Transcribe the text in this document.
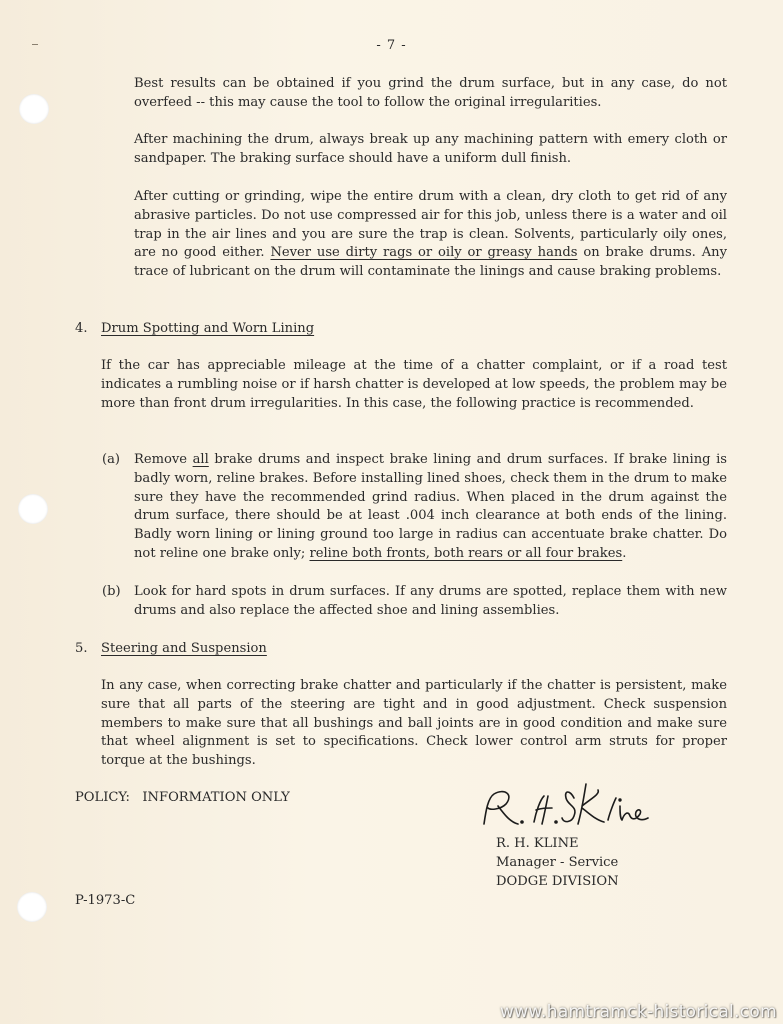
- 7 -

Best results can be obtained if you grind the drum surface, but in any case, do not overfeed -- this may cause the tool to follow the original irregularities.

After machining the drum, always break up any machining pattern with emery cloth or sandpaper. The braking surface should have a uniform dull finish.

After cutting or grinding, wipe the entire drum with a clean, dry cloth to get rid of any abrasive particles. Do not use compressed air for this job, unless there is a water and oil trap in the air lines and you are sure the trap is clean. Solvents, particularly oily ones, are no good either. Never use dirty rags or oily or greasy hands on brake drums. Any trace of lubricant on the drum will contaminate the linings and cause braking problems.

4. Drum Spotting and Worn Lining

If the car has appreciable mileage at the time of a chatter complaint, or if a road test indicates a rumbling noise or if harsh chatter is developed at low speeds, the problem may be more than front drum irregularities. In this case, the following practice is recommended.

(a) Remove all brake drums and inspect brake lining and drum surfaces. If brake lining is badly worn, reline brakes. Before installing lined shoes, check them in the drum to make sure they have the recommended grind radius. When placed in the drum against the drum surface, there should be at least .004 inch clearance at both ends of the lining. Badly worn lining or lining ground too large in radius can accentuate brake chatter. Do not reline one brake only; reline both fronts, both rears or all four brakes.

(b) Look for hard spots in drum surfaces. If any drums are spotted, replace them with new drums and also replace the affected shoe and lining assemblies.

5. Steering and Suspension

In any case, when correcting brake chatter and particularly if the chatter is persistent, make sure that all parts of the steering are tight and in good adjustment. Check suspension members to make sure that all bushings and ball joints are in good condition and make sure that wheel alignment is set to specifications. Check lower control arm struts for proper torque at the bushings.

POLICY:   INFORMATION ONLY
R. H. KLINE
Manager - Service
DODGE DIVISION
P-1973-C
www.hamtramck-historical.com
